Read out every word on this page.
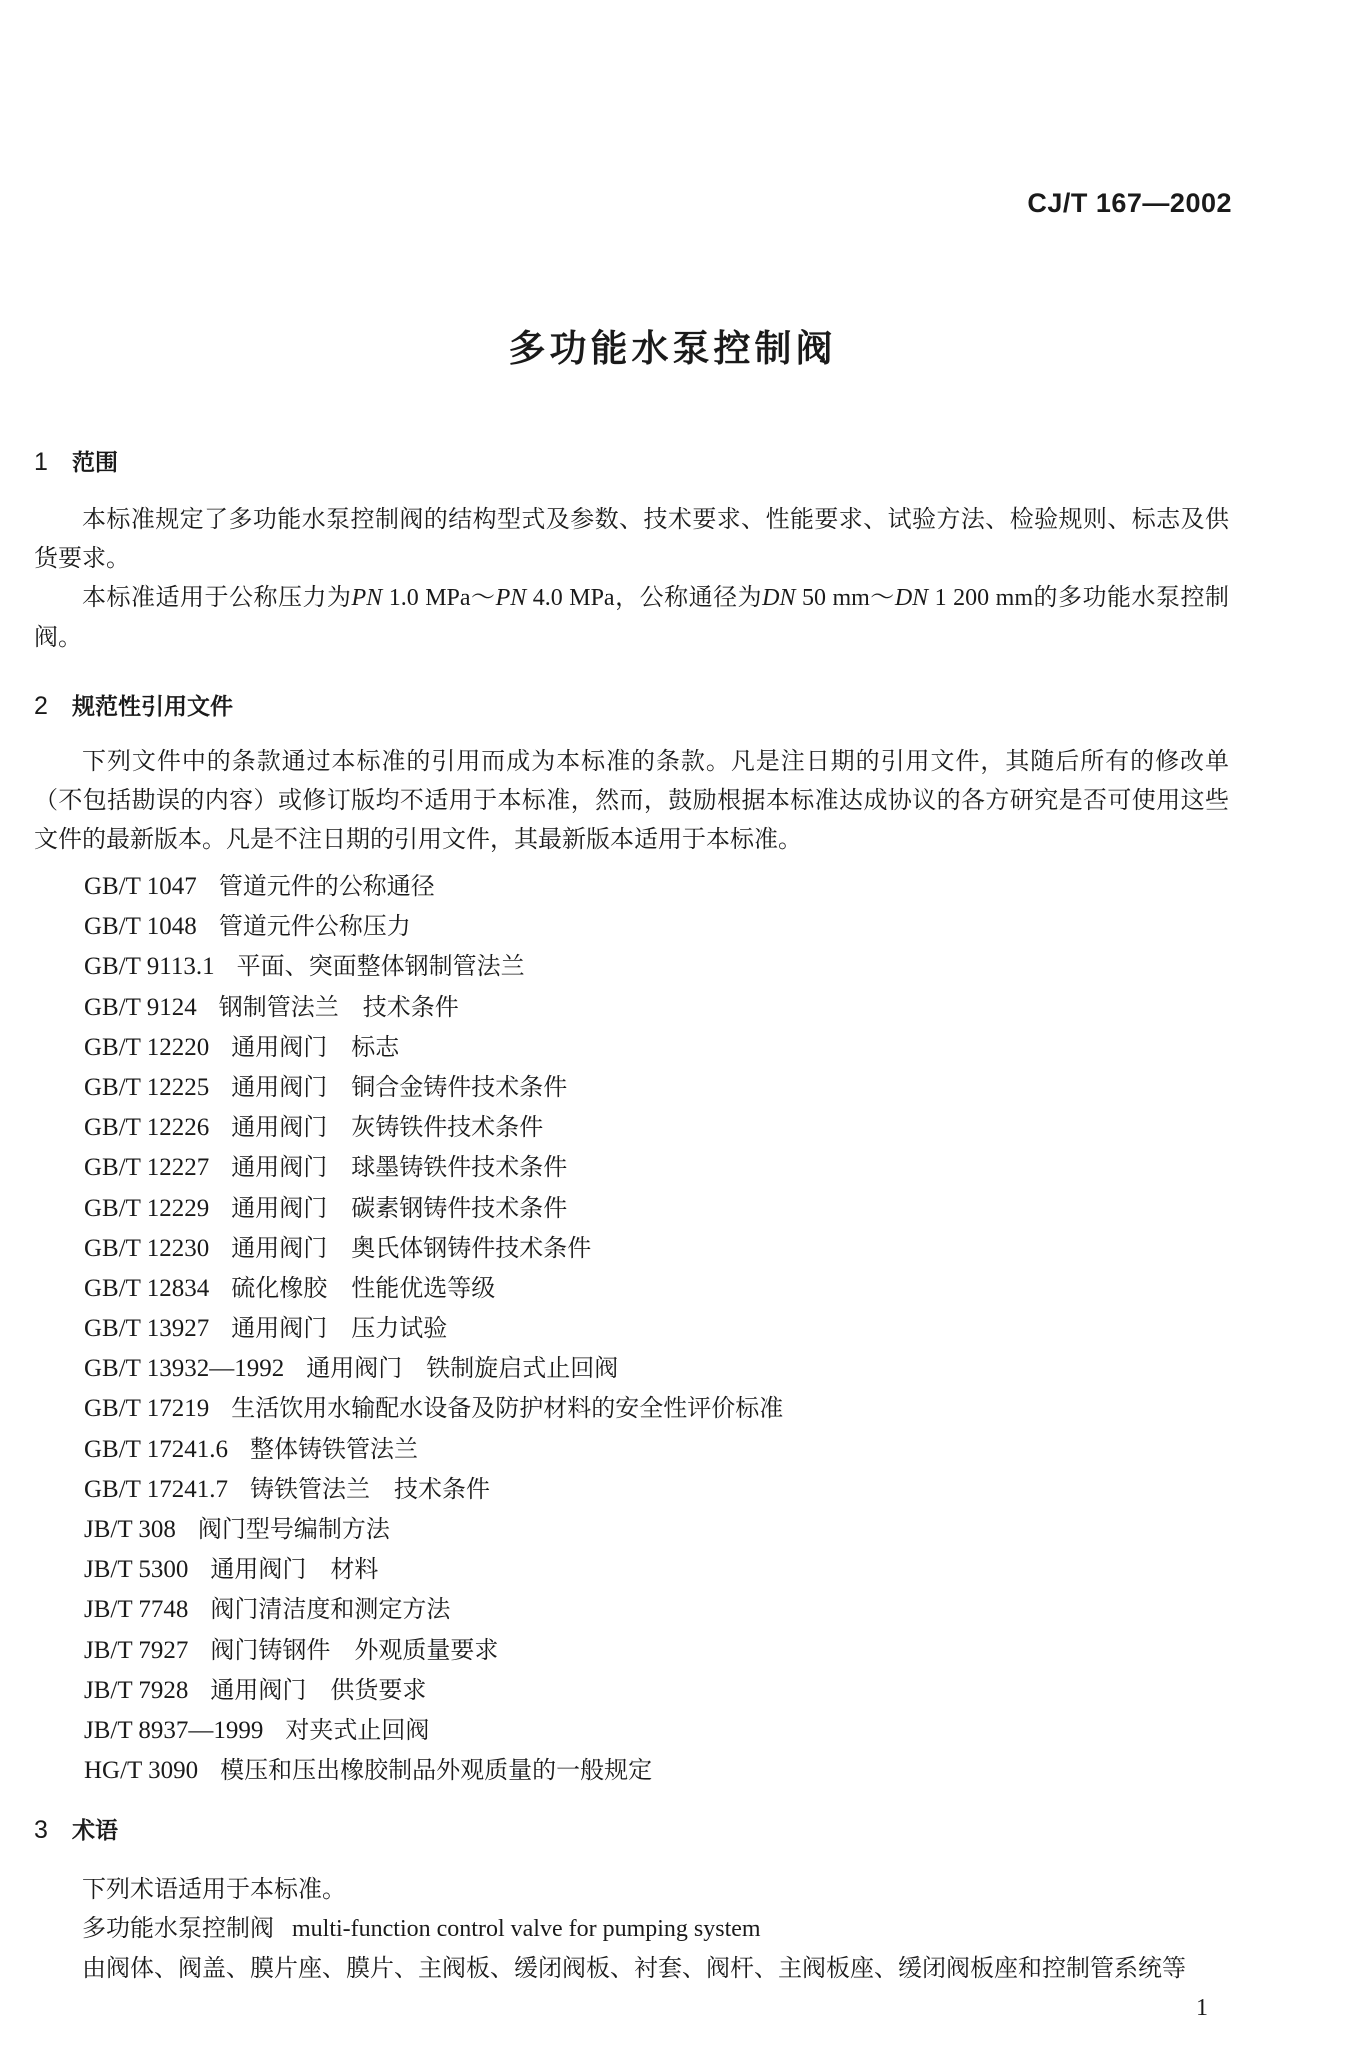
CJ/T 167—2002
多功能水泵控制阀
1 范围

本标准规定了多功能水泵控制阀的结构型式及参数、技术要求、性能要求、试验方法、检验规则、标志及供货要求。

本标准适用于公称压力为PN 1.0 MPa～PN 4.0 MPa，公称通径为DN 50 mm～DN 1 200 mm的多功能水泵控制阀。

2 规范性引用文件

下列文件中的条款通过本标准的引用而成为本标准的条款。凡是注日期的引用文件，其随后所有的修改单（不包括勘误的内容）或修订版均不适用于本标准，然而，鼓励根据本标准达成协议的各方研究是否可使用这些文件的最新版本。凡是不注日期的引用文件，其最新版本适用于本标准。

GB/T 1047 管道元件的公称通径
GB/T 1048 管道元件公称压力
GB/T 9113.1 平面、突面整体钢制管法兰
GB/T 9124 钢制管法兰　技术条件
GB/T 12220 通用阀门　标志
GB/T 12225 通用阀门　铜合金铸件技术条件
GB/T 12226 通用阀门　灰铸铁件技术条件
GB/T 12227 通用阀门　球墨铸铁件技术条件
GB/T 12229 通用阀门　碳素钢铸件技术条件
GB/T 12230 通用阀门　奥氏体钢铸件技术条件
GB/T 12834 硫化橡胶　性能优选等级
GB/T 13927 通用阀门　压力试验
GB/T 13932—1992 通用阀门　铁制旋启式止回阀
GB/T 17219 生活饮用水输配水设备及防护材料的安全性评价标准
GB/T 17241.6 整体铸铁管法兰
GB/T 17241.7 铸铁管法兰　技术条件
JB/T 308 阀门型号编制方法
JB/T 5300 通用阀门　材料
JB/T 7748 阀门清洁度和测定方法
JB/T 7927 阀门铸钢件　外观质量要求
JB/T 7928 通用阀门　供货要求
JB/T 8937—1999 对夹式止回阀
HG/T 3090 模压和压出橡胶制品外观质量的一般规定
3 术语

下列术语适用于本标准。

多功能水泵控制阀 multi-function control valve for pumping system

由阀体、阀盖、膜片座、膜片、主阀板、缓闭阀板、衬套、阀杆、主阀板座、缓闭阀板座和控制管系统等

1
